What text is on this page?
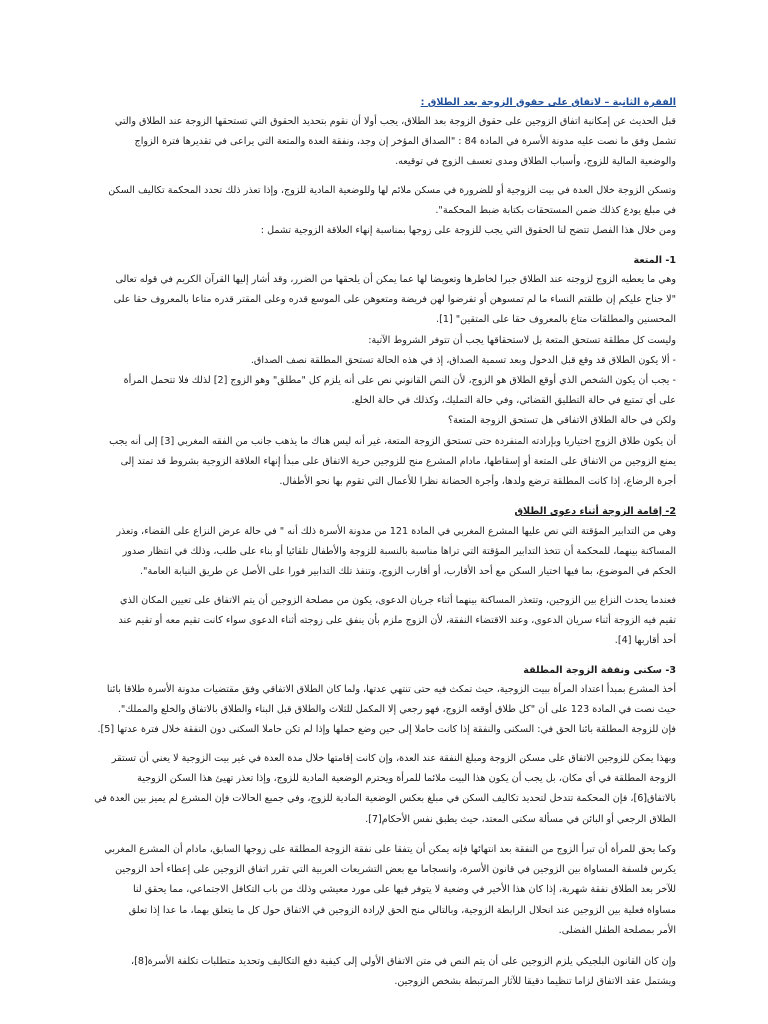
الفقرة الثانية – لاتفاق على حقوق الزوجة بعد الطلاق :

قبل الحديث عن إمكانية اتفاق الزوجين على حقوق الزوجة بعد الطلاق، يجب أولا أن نقوم بتحديد الحقوق التي تستحقها الزوجة عند الطلاق والتي

تشمل وفق ما نصت عليه مدونة الأسرة في المادة 84 : "الصداق المؤخر إن وجد، ونفقة العدة والمتعة التي يراعى في تقديرها فترة الزواج

والوضعية المالية للزوج، وأسباب الطلاق ومدى تعسف الزوج في توقيعه.

وتسكن الزوجة خلال العدة في بيت الزوجية أو للضرورة في مسكن ملائم لها وللوضعية المادية للزوج، وإذا تعذر ذلك تحدد المحكمة تكاليف السكن

في مبلغ يودع كذلك ضمن المستحقات بكتابة ضبط المحكمة".

ومن خلال هذا الفصل تتضح لنا الحقوق التي يجب للزوجة على زوجها بمناسبة إنهاء العلاقة الزوجية تشمل :

1- المتعة

وهي ما يعطيه الزوج لزوجته عند الطلاق جبرا لخاطرها وتعويضا لها عما يمكن أن يلحقها من الضرر، وقد أشار إليها القرآن الكريم في قوله تعالى

"لا جناح عليكم إن طلقتم النساء ما لم تمسوهن أو تفرضوا لهن فريضة ومتعوهن على الموسع قدره وعلى المقتر قدره متاعا بالمعروف حقا على

المحسنين والمطلقات متاع بالمعروف حقا على المتقين" [1].

وليست كل مطلقة تستحق المتعة بل لاستحقاقها يجب أن تتوفر الشروط الآتية:

- ألا يكون الطلاق قد وقع قبل الدخول وبعد تسمية الصداق، إذ في هذه الحالة تستحق المطلقة نصف الصداق.

- يجب أن يكون الشخص الذي أوقع الطلاق هو الزوج، لأن النص القانوني نص على أنه يلزم كل "مطلق" وهو الزوج [2] لذلك فلا تتحمل المرأة

على أي تمتيع في حالة التطليق القضائي، وفي حالة التمليك، وكذلك في حالة الخلع.

ولكن في حالة الطلاق الاتفاقي هل تستحق الزوجة المتعة؟

أن يكون طلاق الزوج اختياريا وبإرادته المنفردة حتى تستحق الزوجة المتعة، غير أنه ليس هناك ما يذهب جانب من الفقه المغربي [3] إلى أنه يجب

يمنع الزوجين من الاتفاق على المتعة أو إسقاطها، مادام المشرع منح للزوجين حرية الاتفاق على مبدأ إنهاء العلاقة الزوجية بشروط قد تمتد إلى

أجرة الرضاع، إذا كانت المطلقة ترضع ولدها، وأجرة الحضانة نظرا للأعمال التي تقوم بها نحو الأطفال.

2- إقامة الزوجة أثناء دعوى الطلاق

وهي من التدابير المؤقتة التي نص عليها المشرع المغربي في المادة 121 من مدونة الأسرة ذلك أنه " في حالة عرض النزاع على القضاء، وتعذر

المساكنة بينهما، للمحكمة أن تتخذ التدابير المؤقتة التي تراها مناسبة بالنسبة للزوجة والأطفال تلقائيا أو بناء على طلب، وذلك في انتظار صدور

الحكم في الموضوع، بما فيها اختيار السكن مع أحد الأقارب، أو أقارب الزوج، وتنفذ تلك التدابير فورا على الأصل عن طريق النيابة العامة".

فعندما يحدث النزاع بين الزوجين، وتتعذر المساكنة بينهما أثناء جريان الدعوى، يكون من مصلحة الزوجين أن يتم الاتفاق على تعيين المكان الذي

تقيم فيه الزوجة أثناء سريان الدعوى، وعند الاقتضاء النفقة، لأن الزوج ملزم بأن ينفق على زوجته أثناء الدعوى سواء كانت تقيم معه أو تقيم عند

أحد أقاربها [4].

3- سكنى ونفقة الزوجة المطلقة

أخذ المشرع بمبدأ اعتداد المرأة ببيت الزوجية، حيث تمكث فيه حتى تنتهي عدتها، ولما كان الطلاق الاتفاقي وفق مقتضيات مدونة الأسرة طلاقا بائنا

حيث نصت في المادة 123 على أن "كل طلاق أوقعه الزوج، فهو رجعي إلا المكمل للثلاث والطلاق قبل البناء والطلاق بالاتفاق والخلع والمملك".

فإن للزوجة المطلقة بائنا الحق في: السكنى والنفقة إذا كانت حاملا إلى حين وضع حملها وإذا لم تكن حاملا السكنى دون النفقة خلال فترة عدتها [5].

وبهذا يمكن للزوجين الاتفاق على مسكن الزوجة ومبلغ النفقة عند العدة، وإن كانت إقامتها خلال مدة العدة في غير بيت الزوجية لا يعني أن تستقر

الزوجة المطلقة في أي مكان، بل يجب أن يكون هذا البيت ملائما للمرأة ويحترم الوضعية المادية للزوج، وإذا تعذر تهيئ هذا السكن الزوجية

بالاتفاق[6]، فإن المحكمة تتدخل لتحديد تكاليف السكن في مبلغ بعكس الوضعية المادية للزوج، وفي جميع الحالات فإن المشرع لم يميز بين العدة في

الطلاق الرجعي أو البائن في مسألة سكنى المعتد، حيث يطبق نفس الأحكام[7].

وكما يحق للمرأة أن تبرأ الزوج من النفقة بعد انتهائها فإنه يمكن أن يتفقا على نفقة الزوجة المطلقة على زوجها السابق، مادام أن المشرع المغربي

يكرس فلسفة المساواة بين الزوجين في قانون الأسرة، وانسجاما مع بعض التشريعات العربية التي تقرر اتفاق الزوجين على إعطاء أحد الزوجين

للآخر بعد الطلاق نفقة شهرية، إذا كان هذا الأخير في وضعية لا يتوفر فيها على مورد معيشي وذلك من باب التكافل الاجتماعي، مما يحقق لنا

مساواة فعلية بين الزوجين عند انحلال الرابطة الزوجية، وبالتالي منح الحق لإرادة الزوجين في الاتفاق حول كل ما يتعلق بهما، ما عدا إذا تعلق

الأمر بمصلحة الطفل الفضلى.

وإن كان القانون البلجيكي يلزم الزوجين على أن يتم النص في متن الاتفاق الأولي إلى كيفية دفع التكاليف وتحديد متطلبات تكلفة الأسرة[8]،

ويشتمل عقد الاتفاق لزاما تنظيما دقيقا للآثار المرتبطة بشخص الزوجين.
